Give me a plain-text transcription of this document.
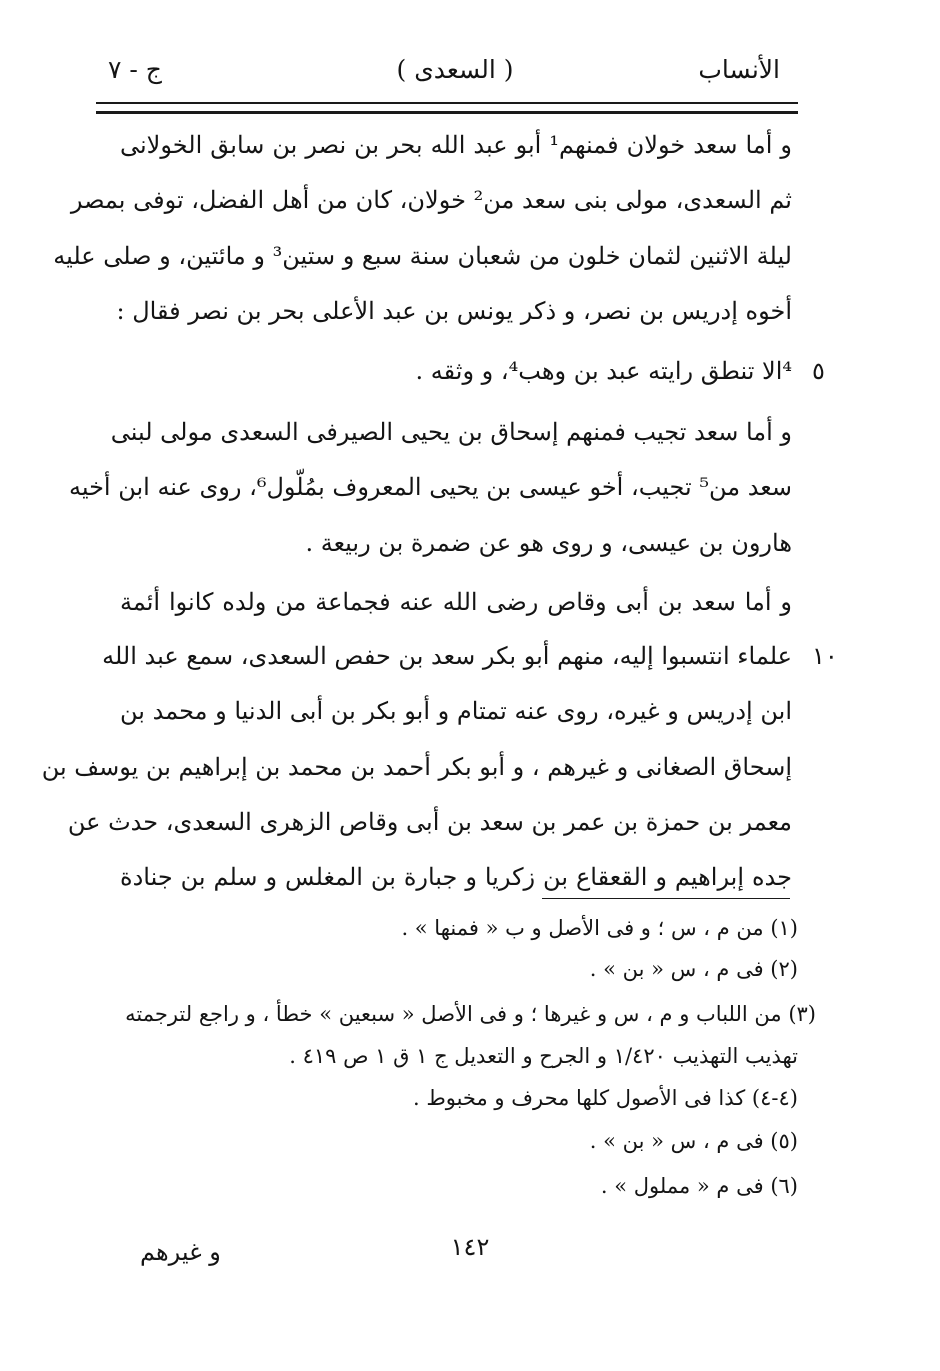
الأنساب
( السعدى )
ج - ٧
و أما سعد خولان فمنهم¹ أبو عبد الله بحر بن نصر بن سابق الخولانى
ثم السعدى، مولى بنى سعد من² خولان، كان من أهل الفضل، توفى بمصر
ليلة الاثنين لثمان خلون من شعبان سنة سبع و ستين³ و مائتين، و صلى عليه
أخوه إدريس بن نصر، و ذكر يونس بن عبد الأعلى بحر بن نصر فقال :
⁴الا تنطق رايته عبد بن وهب⁴، و وثقه .
و أما سعد تجيب فمنهم إسحاق بن يحيى الصيرفى السعدى مولى لبنى
سعد من⁵ تجيب، أخو عيسى بن يحيى المعروف بمُلّول⁶، روى عنه ابن أخيه
هارون بن عيسى، و روى هو عن ضمرة بن ربيعة .
و أما سعد بن أبى وقاص رضى الله عنه فجماعة من ولده كانوا أئمة
علماء انتسبوا إليه، منهم أبو بكر سعد بن حفص السعدى، سمع عبد الله
ابن إدريس و غيره، روى عنه تمتام و أبو بكر بن أبى الدنيا و محمد بن
إسحاق الصغانى و غيرهم ، و أبو بكر أحمد بن محمد بن إبراهيم بن يوسف بن
معمر بن حمزة بن عمر بن سعد بن أبى وقاص الزهرى السعدى، حدث عن
جده إبراهيم و القعقاع بن زكريا و جبارة بن المغلس و سلم بن جنادة
٥
١٠
(١) من م ، س ؛ و فى الأصل و ب « فمنها » .
(٢) فى م ، س « بن » .
(٣) من اللباب و م ، س و غيرها ؛ و فى الأصل « سبعين » خطأ ، و راجع لترجمته
تهذيب التهذيب ١/٤٢٠ و الجرح و التعديل ج ١ ق ١ ص ٤١٩ .
(٤-٤) كذا فى الأصول كلها محرف و مخبوط .
(٥) فى م ، س « بن » .
(٦) فى م « مملول » .
١٤٢
و غيرهم
